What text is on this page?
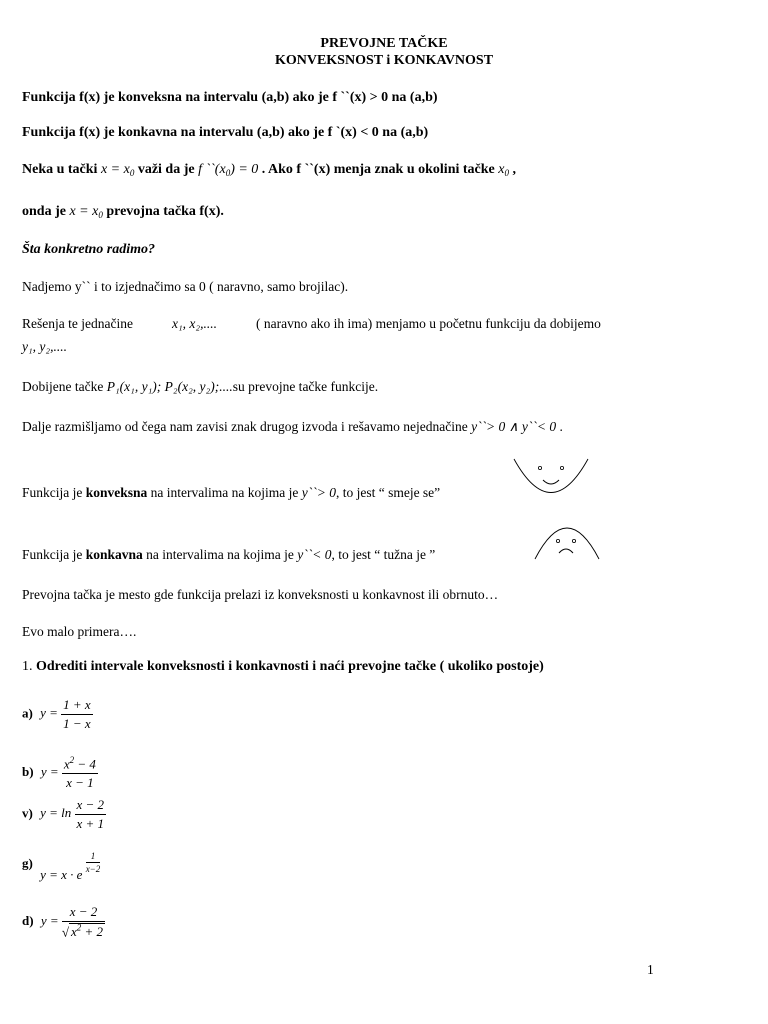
PREVOJNE TAČKE
KONVEKSNOST i KONKAVNOST
Funkcija f(x) je konveksna na intervalu (a,b) ako je f ``(x) > 0 na (a,b)
Funkcija f(x) je konkavna na intervalu (a,b) ako je f `(x) < 0 na (a,b)
Neka u tački $x = x_0$ važi da je f $``(x_0) = 0$ . Ako f ``(x) menja znak u okolini tačke $x_0$ ,
onda je $x = x_0$ prevojna tačka f(x).
Šta konkretno radimo?
Nadjemo y`` i to izjednačimo sa 0 ( naravno, samo brojilac).
Rešenja te jednačine	x₁, x₂,....	( naravno ako ih ima) menjamo u početnu funkciju da dobijemo
y₁, y₂,....
Dobijene tačke P₁(x₁, y₁); P₂(x₂, y₂);....su prevojne tačke funkcije.
Dalje razmišljamo od čega nam zavisi znak drugog izvoda i rešavamo nejednačine y``> 0 ∧ y``< 0 .
Funkcija je konveksna na intervalima na kojima je y``> 0, to jest “ smeje se”
Funkcija je konkavna na intervalima na kojima je y``< 0, to jest “ tužna je ”
Prevojna tačka je mesto gde funkcija prelazi iz konveksnosti u konkavnost ili obrnuto…
Evo malo primera….
1. Odrediti intervale konveksnosti i konkavnosti i naći prevojne tačke ( ukoliko postoje)
a) $y = \frac{1 + x}{1 - x}$
b) $y = \frac{x^2 - 4}{x - 1}$
v) $y = \ln \frac{x - 2}{x + 1}$
g) y = x · e
$\frac{1}{x-2}$
d) $y = \frac{x - 2}{√ x^2 + 2}$
1
